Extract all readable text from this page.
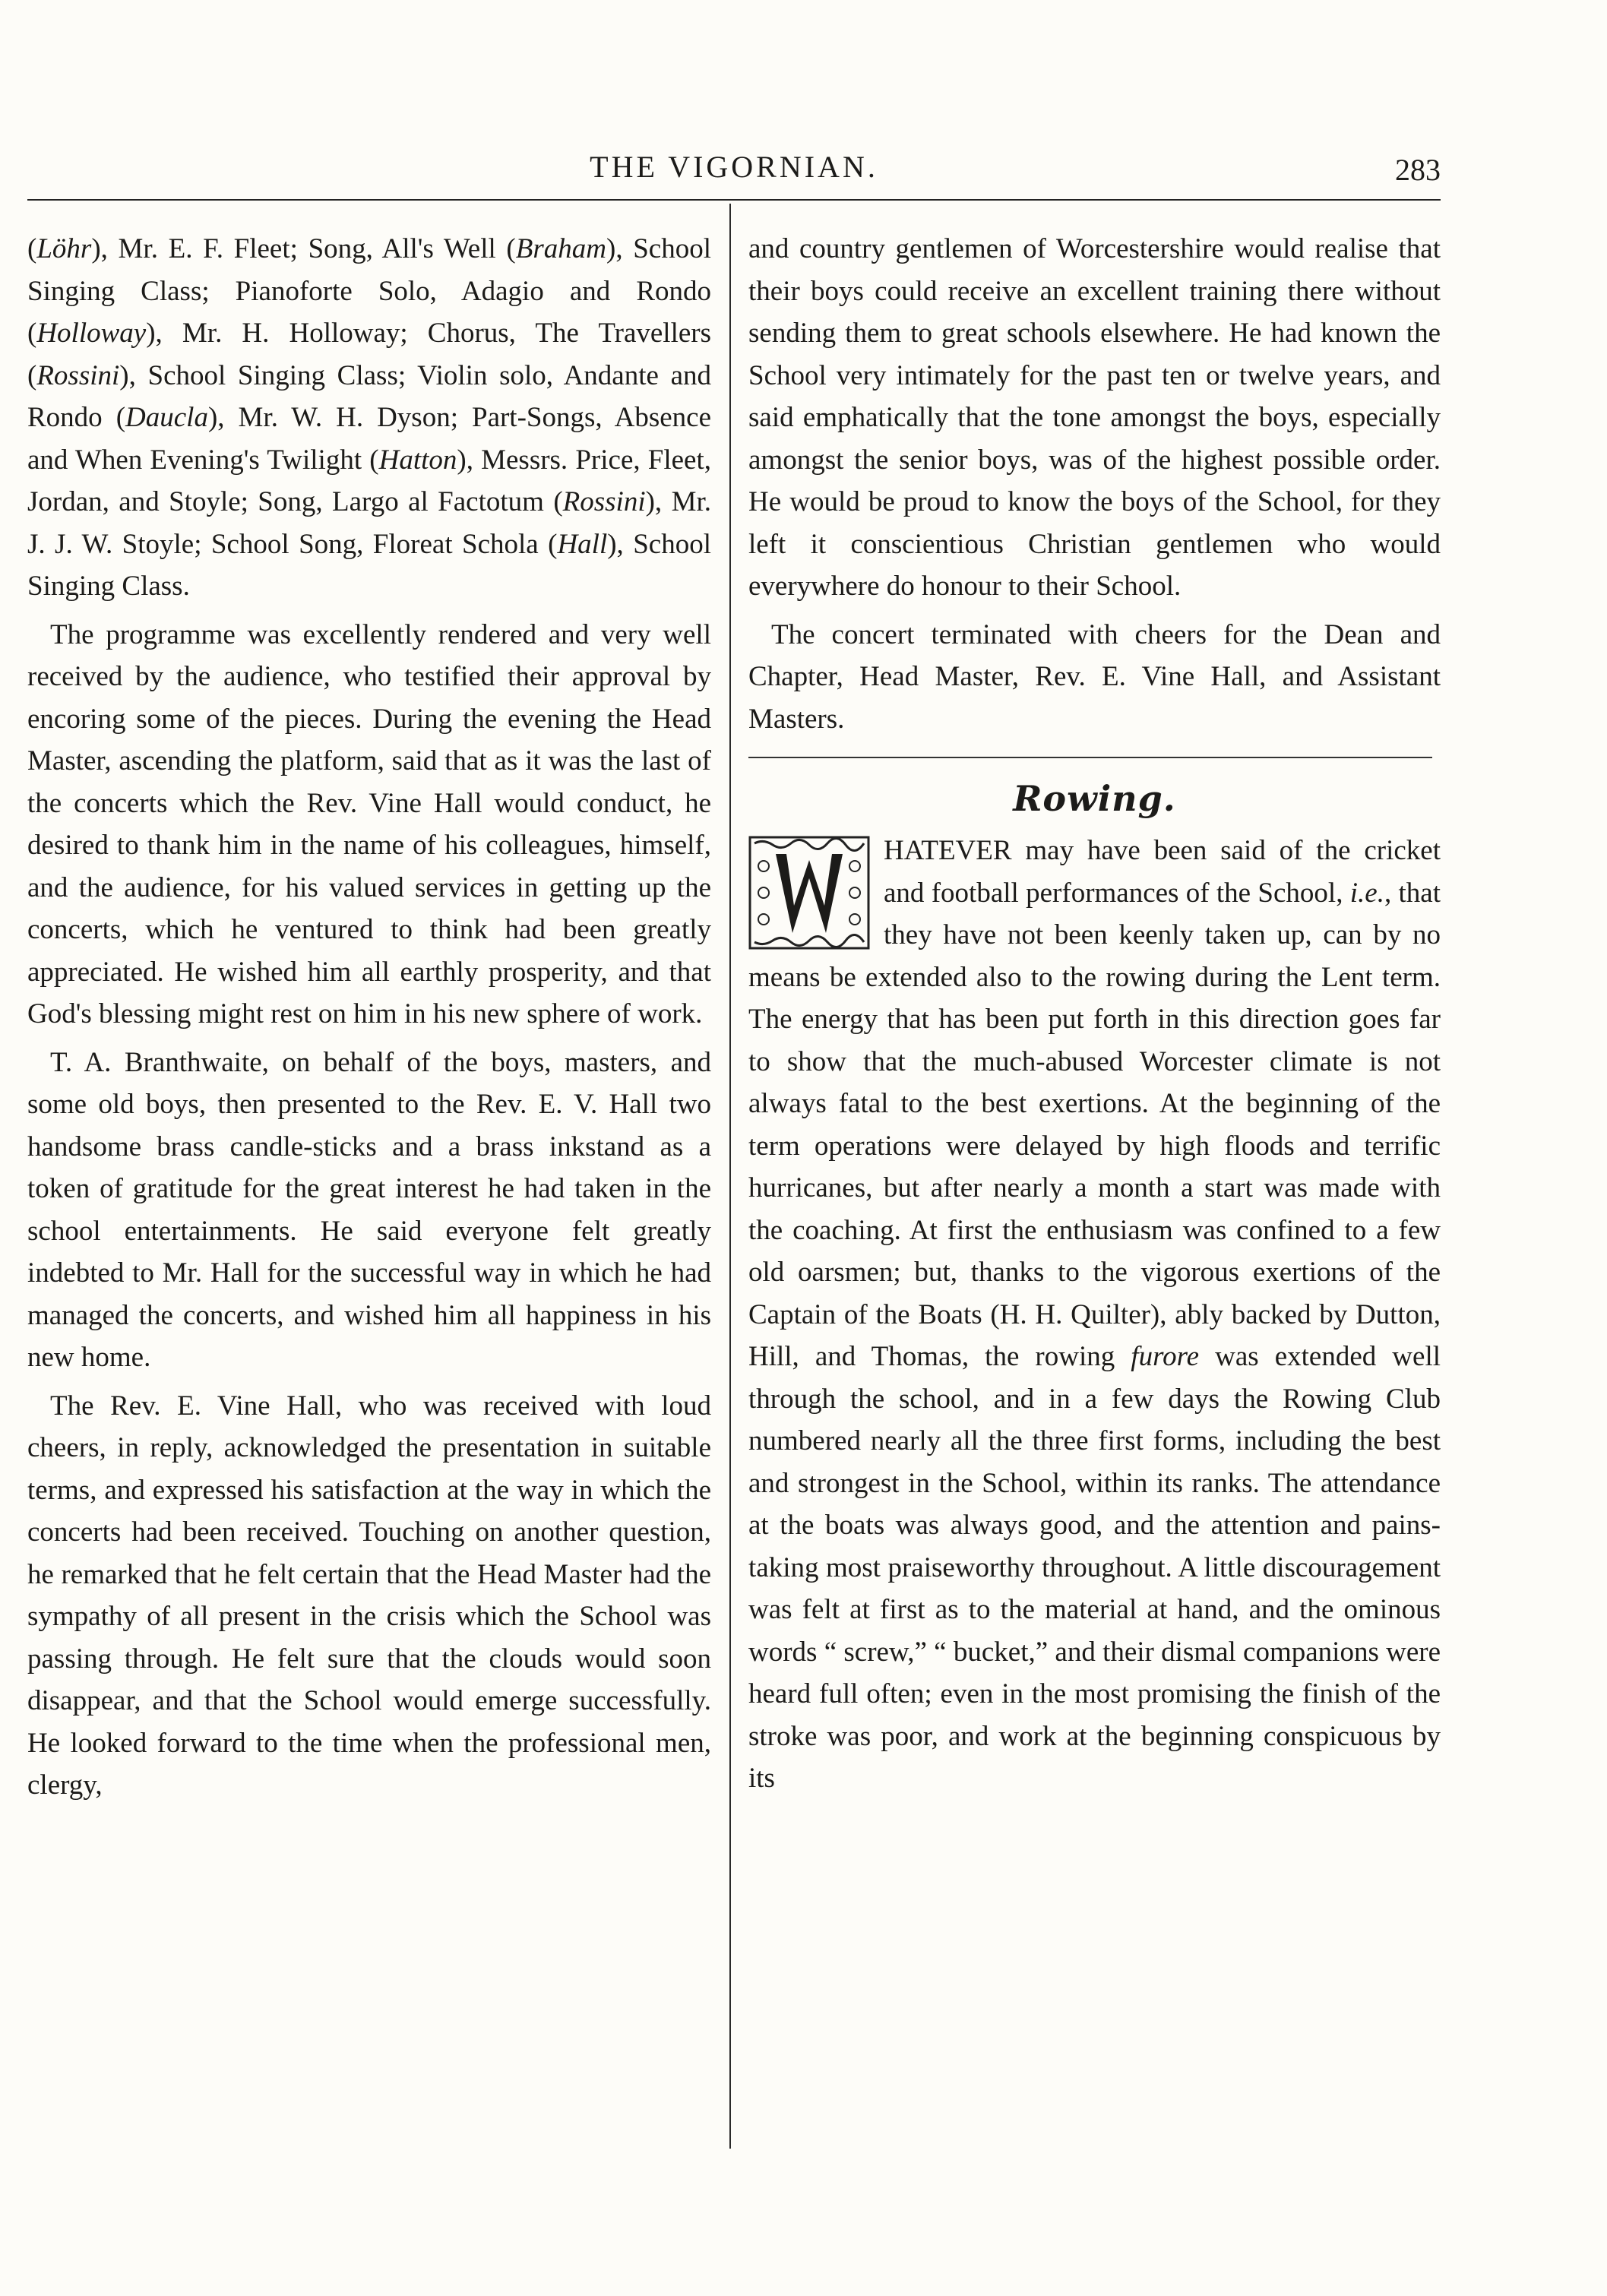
THE VIGORNIAN.	283

(Löhr), Mr. E. F. Fleet; Song, All's Well (Braham), School Singing Class; Pianoforte Solo, Adagio and Rondo (Holloway), Mr. H. Holloway; Chorus, The Travellers (Rossini), School Singing Class; Violin solo, Andante and Rondo (Daucla), Mr. W. H. Dyson; Part-Songs, Absence and When Evening's Twilight (Hatton), Messrs. Price, Fleet, Jordan, and Stoyle; Song, Largo al Factotum (Rossini), Mr. J. J. W. Stoyle; School Song, Floreat Schola (Hall), School Singing Class.

The programme was excellently rendered and very well received by the audience, who testified their approval by encoring some of the pieces. During the evening the Head Master, ascending the platform, said that as it was the last of the concerts which the Rev. Vine Hall would conduct, he desired to thank him in the name of his colleagues, himself, and the audience, for his valued services in getting up the concerts, which he ventured to think had been greatly appreciated. He wished him all earthly prosperity, and that God's blessing might rest on him in his new sphere of work.

T. A. Branthwaite, on behalf of the boys, masters, and some old boys, then presented to the Rev. E. V. Hall two handsome brass candle-sticks and a brass inkstand as a token of gratitude for the great interest he had taken in the school entertainments. He said everyone felt greatly indebted to Mr. Hall for the successful way in which he had managed the concerts, and wished him all happiness in his new home.

The Rev. E. Vine Hall, who was received with loud cheers, in reply, acknowledged the presentation in suitable terms, and expressed his satisfaction at the way in which the concerts had been received. Touching on another question, he remarked that he felt certain that the Head Master had the sympathy of all present in the crisis which the School was passing through. He felt sure that the clouds would soon disappear, and that the School would emerge successfully. He looked forward to the time when the professional men, clergy,

and country gentlemen of Worcestershire would realise that their boys could receive an excellent training there without sending them to great schools elsewhere. He had known the School very intimately for the past ten or twelve years, and said emphatically that the tone amongst the boys, especially amongst the senior boys, was of the highest possible order. He would be proud to know the boys of the School, for they left it conscientious Christian gentlemen who would everywhere do honour to their School.

The concert terminated with cheers for the Dean and Chapter, Head Master, Rev. E. Vine Hall, and Assistant Masters.

Rowing.

HATEVER may have been said of the cricket and football performances of the School, i.e., that they have not been keenly taken up, can by no means be extended also to the rowing during the Lent term. The energy that has been put forth in this direction goes far to show that the much-abused Worcester climate is not always fatal to the best exertions. At the beginning of the term operations were delayed by high floods and terrific hurricanes, but after nearly a month a start was made with the coaching. At first the enthusiasm was confined to a few old oarsmen; but, thanks to the vigorous exertions of the Captain of the Boats (H. H. Quilter), ably backed by Dutton, Hill, and Thomas, the rowing furore was extended well through the school, and in a few days the Rowing Club numbered nearly all the three first forms, including the best and strongest in the School, within its ranks. The attendance at the boats was always good, and the attention and pains-taking most praiseworthy throughout. A little discouragement was felt at first as to the material at hand, and the ominous words “ screw,” “ bucket,” and their dismal companions were heard full often; even in the most promising the finish of the stroke was poor, and work at the beginning conspicuous by its
